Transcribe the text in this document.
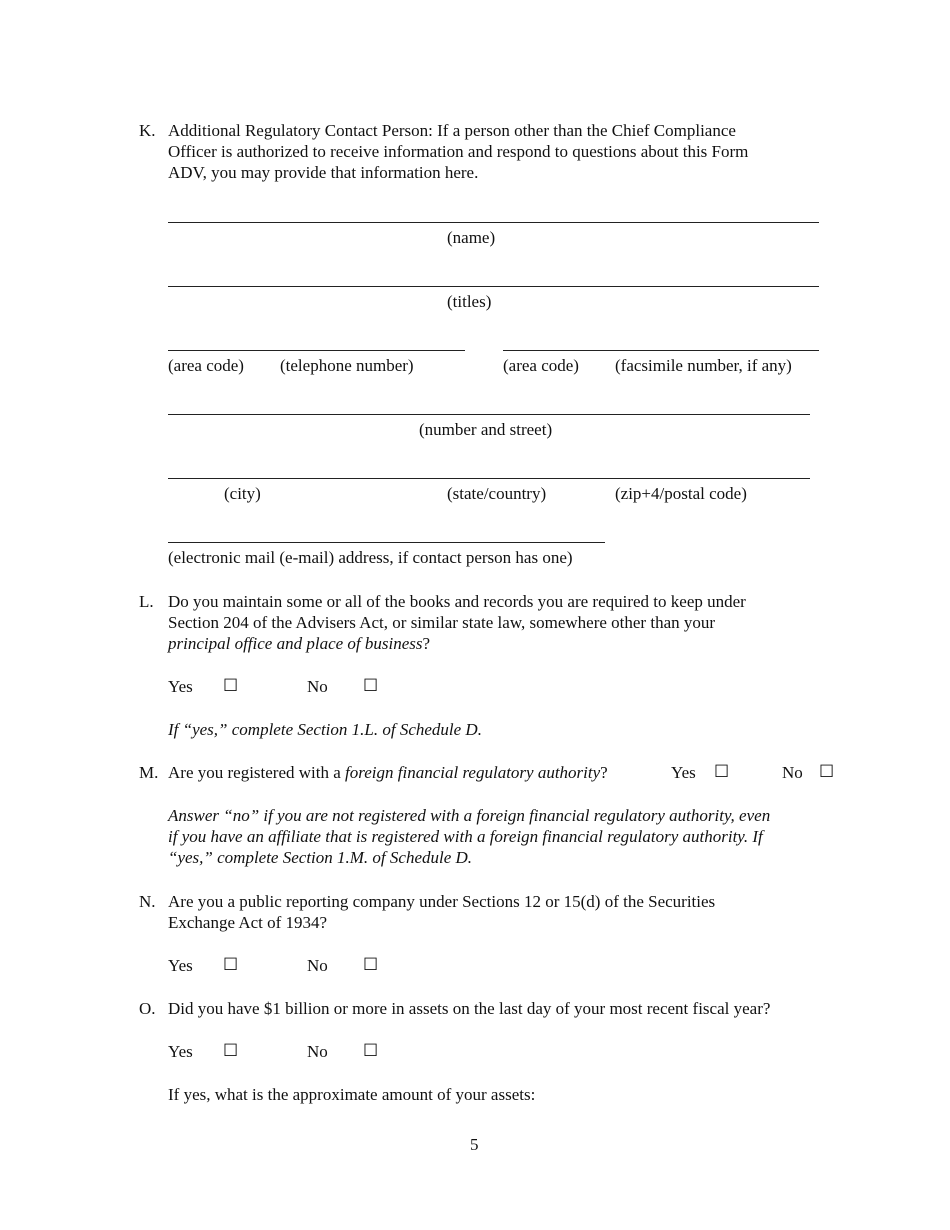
K. Additional Regulatory Contact Person: If a person other than the Chief Compliance
Officer is authorized to receive information and respond to questions about this Form
ADV, you may provide that information here.
(name)
(titles)
(area code) (telephone number)	(area code) (facsimile number, if any)
(number and street)
(city)	(state/country)	(zip+4/postal code)
(electronic mail (e-mail) address, if contact person has one)
L. Do you maintain some or all of the books and records you are required to keep under
Section 204 of the Advisers Act, or similar state law, somewhere other than your
principal office and place of business?
Yes ☐	No ☐
If “yes,” complete Section 1.L. of Schedule D.
M. Are you registered with a foreign financial regulatory authority?	Yes ☐	No ☐
Answer “no” if you are not registered with a foreign financial regulatory authority, even
if you have an affiliate that is registered with a foreign financial regulatory authority. If
“yes,” complete Section 1.M. of Schedule D.
N. Are you a public reporting company under Sections 12 or 15(d) of the Securities
Exchange Act of 1934?
Yes ☐	No ☐
O. Did you have $1 billion or more in assets on the last day of your most recent fiscal year?
Yes ☐	No ☐
If yes, what is the approximate amount of your assets:
5
